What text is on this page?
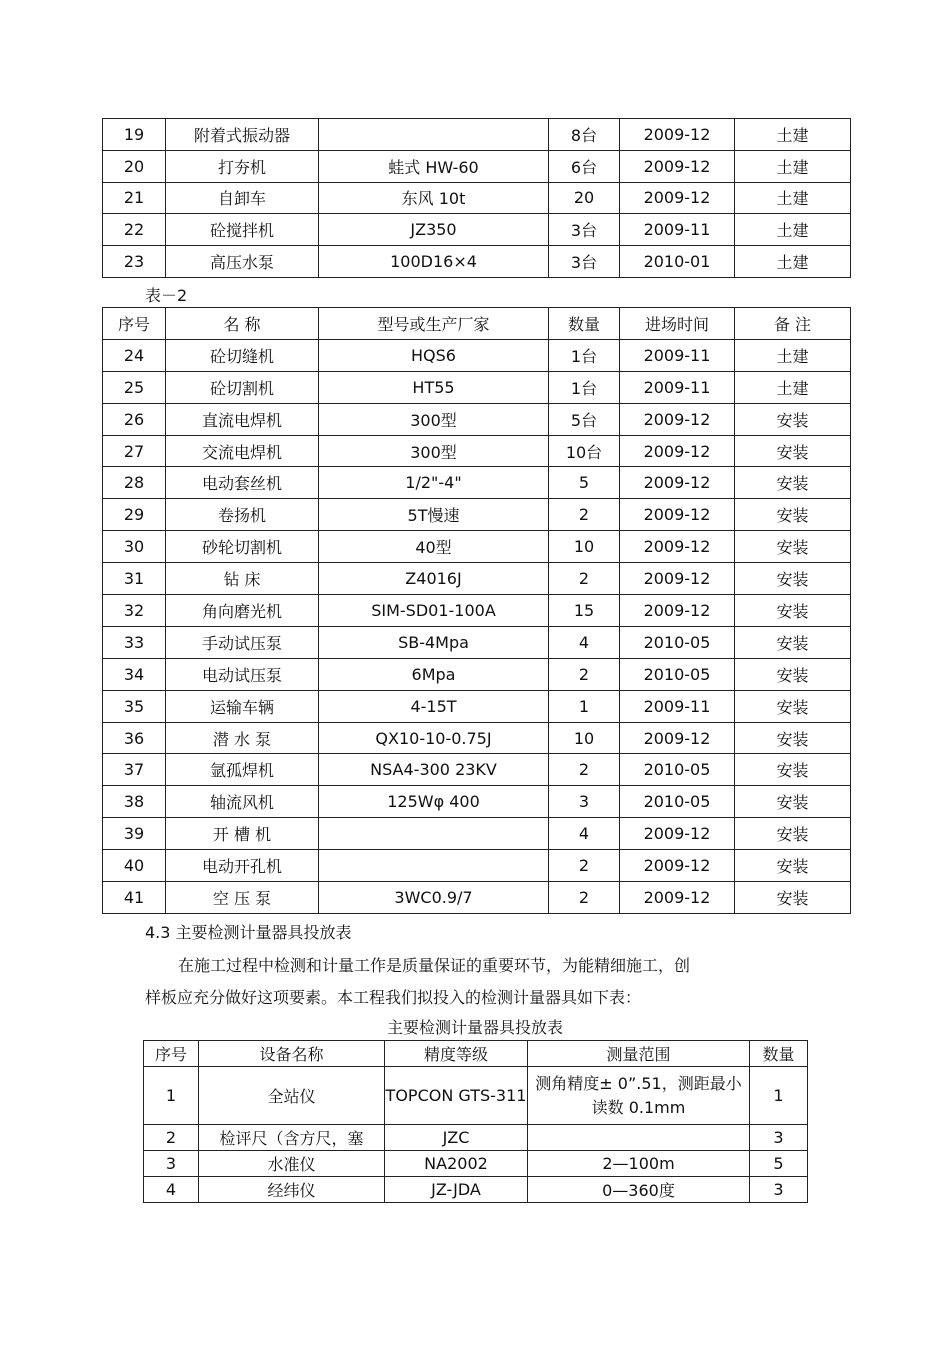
19	附着式振动器		8台	2009-12	土建
20	打夯机	蛙式 HW-60	6台	2009-12	土建
21	自卸车	东风 10t	20	2009-12	土建
22	砼搅拌机	JZ350	3台	2009-11	土建
23	高压水泵	100D16×4	3台	2010-01	土建
表－2
序号	名 称	型号或生产厂家	数量	进场时间	备 注
24	砼切缝机	HQS6	1台	2009-11	土建
25	砼切割机	HT55	1台	2009-11	土建
26	直流电焊机	300型	5台	2009-12	安装
27	交流电焊机	300型	10台	2009-12	安装
28	电动套丝机	1/2"-4"	5	2009-12	安装
29	卷扬机	5T慢速	2	2009-12	安装
30	砂轮切割机	40型	10	2009-12	安装
31	钻 床	Z4016J	2	2009-12	安装
32	角向磨光机	SIM-SD01-100A	15	2009-12	安装
33	手动试压泵	SB-4Mpa	4	2010-05	安装
34	电动试压泵	6Mpa	2	2010-05	安装
35	运输车辆	4-15T	1	2009-11	安装
36	潜 水 泵	QX10-10-0.75J	10	2009-12	安装
37	氩孤焊机	NSA4-300 23KV	2	2010-05	安装
38	轴流风机	125Wφ 400	3	2010-05	安装
39	开 槽 机		4	2009-12	安装
40	电动开孔机		2	2009-12	安装
41	空 压 泵	3WC0.9/7	2	2009-12	安装
4.3 主要检测计量器具投放表
在施工过程中检测和计量工作是质量保证的重要环节，为能精细施工，创
样板应充分做好这项要素。本工程我们拟投入的检测计量器具如下表：
主要检测计量器具投放表
序号	设备名称	精度等级	测量范围	数量
1	全站仪	TOPCON GTS-311	测角精度± 0”.51，测距最小读数 0.1mm	1
2	检评尺（含方尺，塞	JZC		3
3	水准仪	NA2002	2—100m	5
4	经纬仪	JZ-JDA	0—360度	3
